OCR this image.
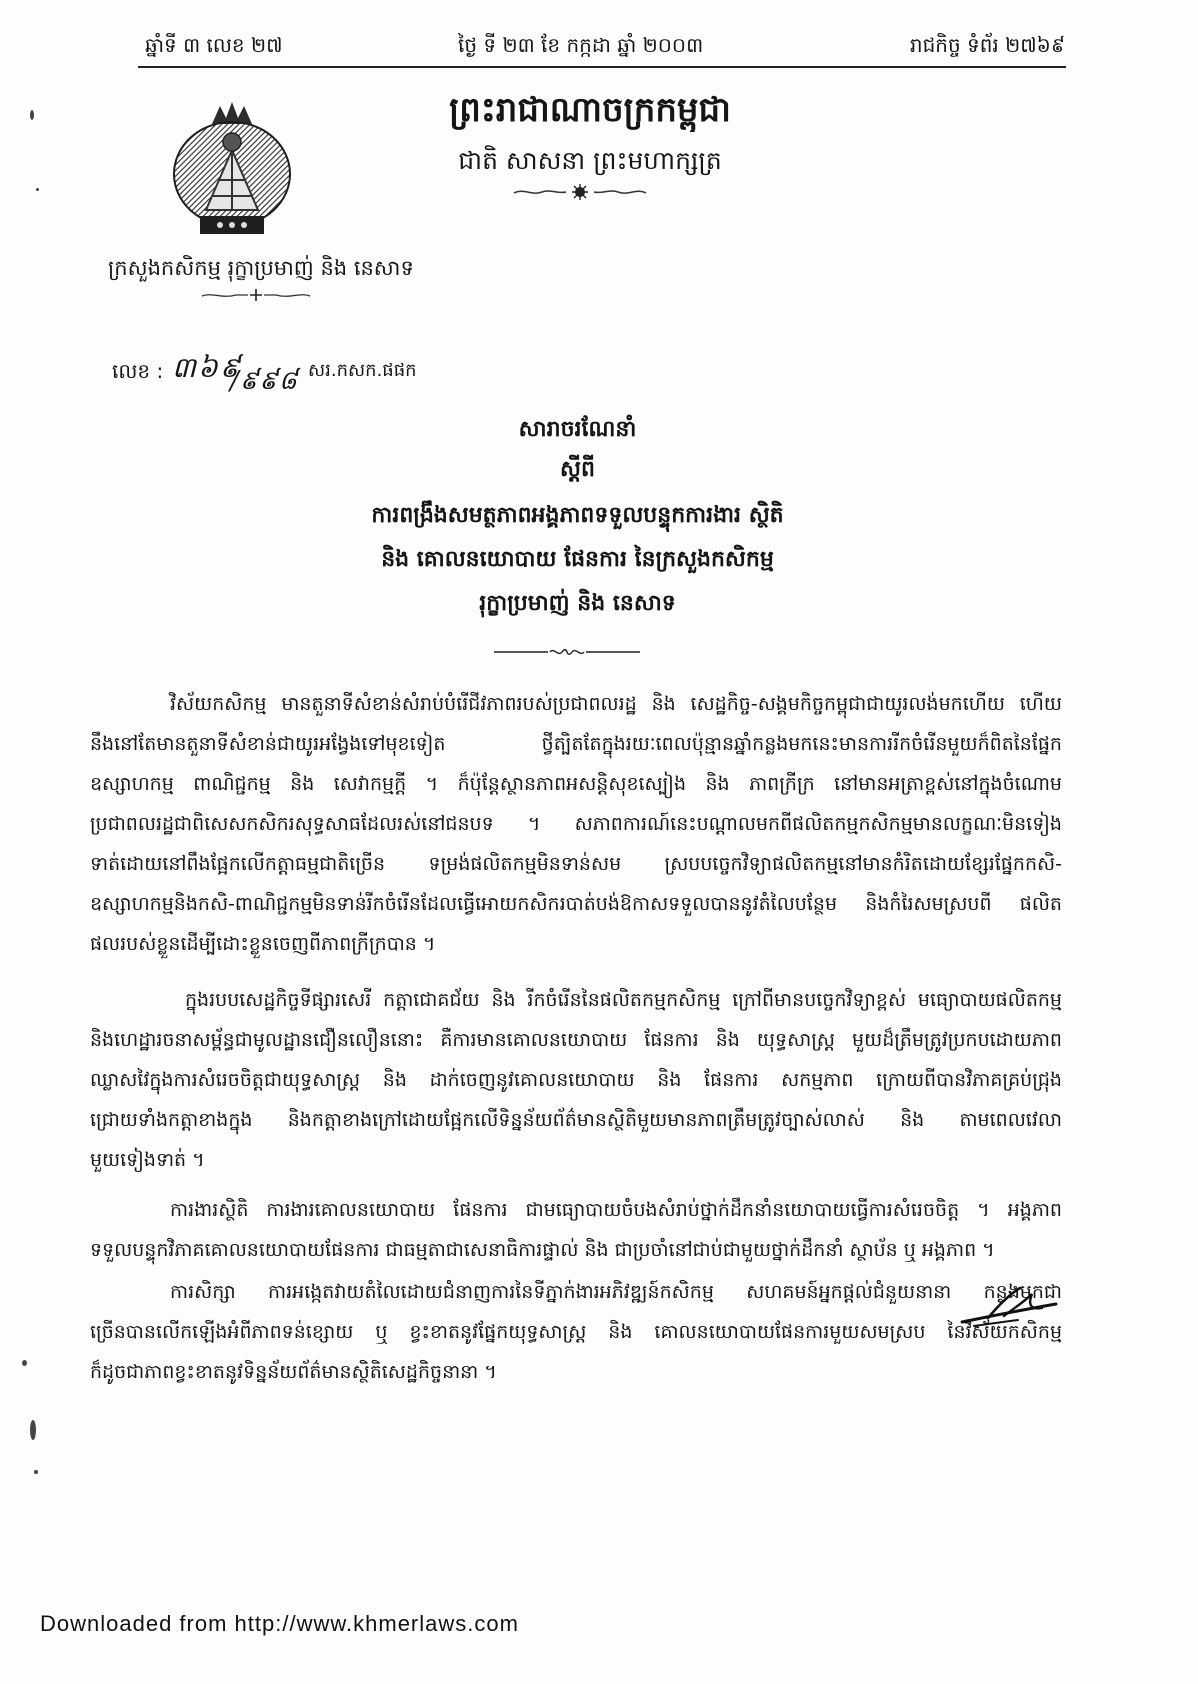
ឆ្នាំទី ៣ លេខ ២៧	ថ្ងៃ ទី ២៣ ខែ កក្កដា ឆ្នាំ ២០០៣	រាជកិច្ច ទំព័រ ២៧៦៩
ព្រះរាជាណាចក្រកម្ពុជា
ជាតិ សាសនា ព្រះមហាក្សត្រ
ក្រសួងកសិកម្ម រុក្ខាប្រមាញ់ និង នេសាទ
លេខ : ៣៦៩
/៩៩៨ សរ.កសក.ផផក
សារាចរណែនាំ
ស្តីពី
ការពង្រឹងសមត្ថភាពអង្គភាពទទួលបន្ទុកការងារ ស្ថិតិ
និង គោលនយោបាយ ផែនការ នៃក្រសួងកសិកម្ម
រុក្ខាប្រមាញ់ និង នេសាទ
វិស័យកសិកម្ម មានតួនាទីសំខាន់សំរាប់បំរើជីវភាពរបស់ប្រជាពលរដ្ឋ និង សេដ្ឋកិច្ច-សង្គមកិច្ចកម្ពុជាជាយូរលង់មកហើយ ហើយ
នឹងនៅតែមានតួនាទីសំខាន់ជាយូរអង្វែងទៅមុខទៀត ថ្វីត្បិតតែក្នុងរយៈពេលប៉ុន្មានឆ្នាំកន្លងមកនេះមានការរីកចំរើនមួយក៏ពិតនៃផ្នែក
ឧស្សាហកម្ម ពាណិជ្ជកម្ម និង សេវាកម្មក្តី ។ ក៏ប៉ុន្តែស្ថានភាពអសន្តិសុខស្បៀង និង ភាពក្រីក្រ នៅមានអត្រាខ្ពស់នៅក្នុងចំណោម
ប្រជាពលរដ្ឋជាពិសេសកសិករសុទ្ធសាធដែលរស់នៅជនបទ ។ សភាពការណ៍នេះបណ្តាលមកពីផលិតកម្មកសិកម្មមានលក្ខណៈមិនទៀង
ទាត់ដោយនៅពឹងផ្អែកលើកត្តាធម្មជាតិច្រើន ទម្រង់ផលិតកម្មមិនទាន់សម ស្របបច្ចេកវិទ្យាផលិតកម្មនៅមានកំរិតដោយខ្សែរផ្នែកកសិ-
ឧស្សាហកម្មនិងកសិ-ពាណិជ្ជកម្មមិនទាន់រីកចំរើនដែលធ្វើអោយកសិករបាត់បង់ឱកាសទទួលបាននូវតំលៃបន្ថែម និងកំរៃសមស្របពី ផលិត
ផលរបស់ខ្លួនដើម្បីដោះខ្លួនចេញពីភាពក្រីក្របាន ។
ក្នុងរបបសេដ្ឋកិច្ចទីផ្សារសេរី កត្តាជោគជ័យ និង រីកចំរើននៃផលិតកម្មកសិកម្ម ក្រៅពីមានបច្ចេកវិទ្យាខ្ពស់ មធ្យោបាយផលិតកម្ម
និងហេដ្ឋារចនាសម្ព័ន្ធជាមូលដ្ឋានជឿនលឿននោះ គឺការមានគោលនយោបាយ ផែនការ និង យុទ្ធសាស្ត្រ មួយដ៏ត្រឹមត្រូវប្រកបដោយភាព
ឈ្លាសវៃក្នុងការសំរេចចិត្តជាយុទ្ធសាស្ត្រ និង ដាក់ចេញនូវគោលនយោបាយ និង ផែនការ សកម្មភាព ក្រោយពីបានវិភាគគ្រប់ជ្រុង
ជ្រោយទាំងកត្តាខាងក្នុង និងកត្តាខាងក្រៅដោយផ្អែកលើទិន្នន័យព័ត៌មានស្ថិតិមួយមានភាពត្រឹមត្រូវច្បាស់លាស់ និង តាមពេលវេលា
មួយទៀងទាត់ ។
ការងារស្ថិតិ ការងារគោលនយោបាយ ផែនការ ជាមធ្យោបាយចំបងសំរាប់ថ្នាក់ដឹកនាំនយោបាយធ្វើការសំរេចចិត្ត ។ អង្គភាព
ទទួលបន្ទុកវិភាគគោលនយោបាយផែនការ ជាធម្មតាជាសេនាធិការផ្ទាល់ និង ជាប្រចាំនៅជាប់ជាមួយថ្នាក់ដឹកនាំ ស្ថាប័ន ឬ អង្គភាព ។
ការសិក្សា ការអង្កេតវាយតំលៃដោយជំនាញការនៃទីភ្នាក់ងារអភិវឌ្ឍន៍កសិកម្ម សហគមន៍អ្នកផ្តល់ជំនួយនានា កន្លងមកជា
ច្រើនបានលើកឡើងអំពីភាពទន់ខ្សោយ ឬ ខ្វះខាតនូវផ្នែកយុទ្ធសាស្ត្រ និង គោលនយោបាយផែនការមួយសមស្រប នៃវិស័យកសិកម្ម
ក៏ដូចជាភាពខ្វះខាតនូវទិន្នន័យព័ត៌មានស្ថិតិសេដ្ឋកិច្ចនានា ។
Downloaded from http://www.khmerlaws.com
